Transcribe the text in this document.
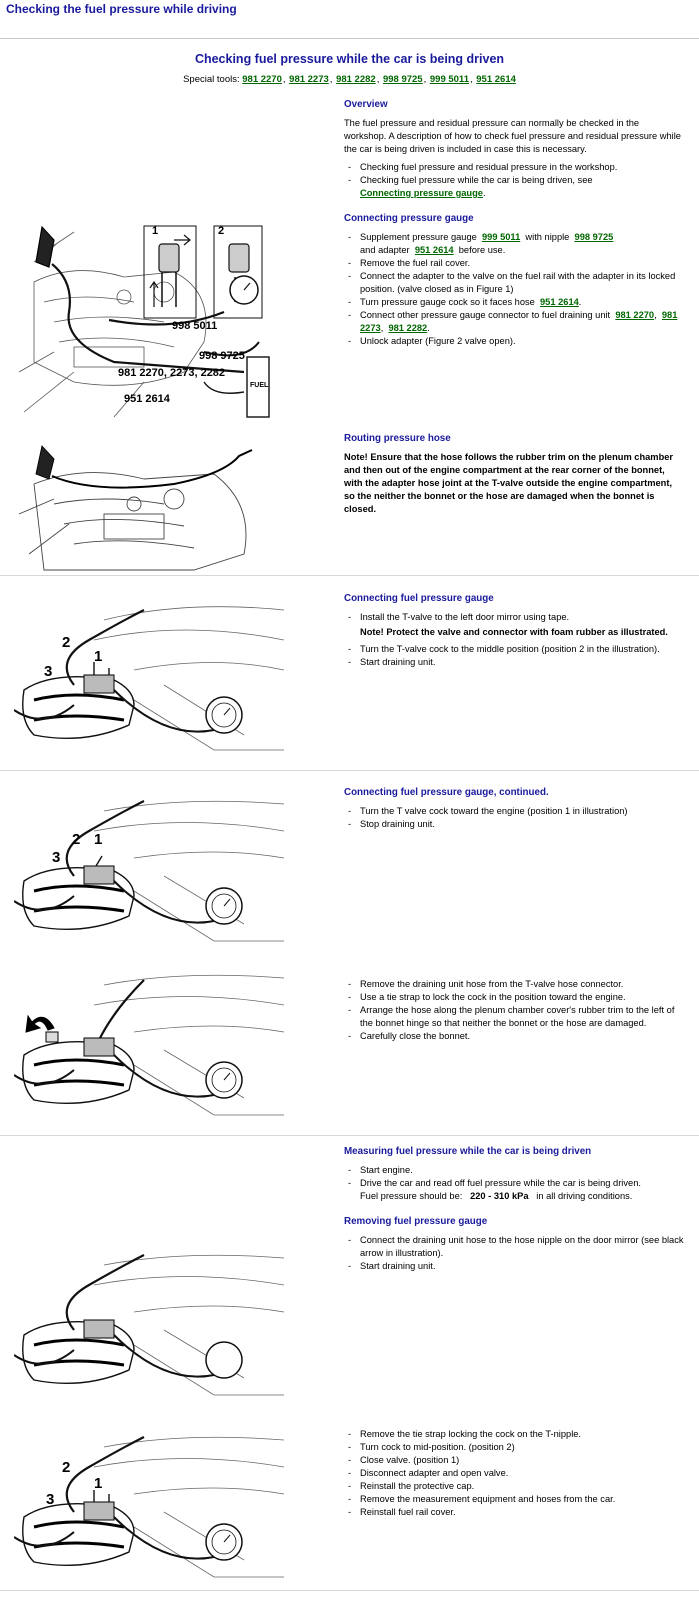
Checking the fuel pressure while driving
Checking fuel pressure while the car is being driven
Special tools: 981 2270, 981 2273, 981 2282, 998 9725, 999 5011, 951 2614
Overview

The fuel pressure and residual pressure can normally be checked in the workshop. A description of how to check fuel pressure and residual pressure while the car is being driven is included in case this is necessary.

- Checking fuel pressure and residual pressure in the workshop.
- Checking fuel pressure while the car is being driven, see
Connecting pressure gauge.
Connecting pressure gauge
- Supplement pressure gauge 999 5011 with nipple 998 9725
and adapter 951 2614 before use.
- Remove the fuel rail cover.
- Connect the adapter to the valve on the fuel rail with the adapter in its locked position. (valve closed as in Figure 1)
- Turn pressure gauge cock so it faces hose 951 2614.
- Connect other pressure gauge connector to fuel draining unit 981 2270,  981 2273,  981 2282.
- Unlock adapter (Figure 2 valve open).
1	2
998 5011
998 9725
981 2270, 2273, 2282
951 2614
FUEL
Routing pressure hose

Note! Ensure that the hose follows the rubber trim on the plenum chamber and then out of the engine compartment at the rear corner of the bonnet, with the adapter hose joint at the T-valve outside the engine compartment, so the neither the bonnet or the hose are damaged when the bonnet is closed.

Connecting fuel pressure gauge
- Install the T-valve to the left door mirror using tape.

Note! Protect the valve and connector with foam rubber as illustrated.

- Turn the T-valve cock to the middle position (position 2 in the illustration).
- Start draining unit.
2
1
3
Connecting fuel pressure gauge, continued.
- Turn the T valve cock toward the engine (position 1 in illustration)
- Stop draining unit.
2 1
3
- Remove the draining unit hose from the T-valve hose connector.
- Use a tie strap to lock the cock in the position toward the engine.
- Arrange the hose along the plenum chamber cover's rubber trim to the left of the bonnet hinge so that neither the bonnet or the hose are damaged.
- Carefully close the bonnet.
Measuring fuel pressure while the car is being driven
- Start engine.
- Drive the car and read off fuel pressure while the car is being driven.
Fuel pressure should be: 220 - 310 kPa in all driving conditions.
Removing fuel pressure gauge
- Connect the draining unit hose to the hose nipple on the door mirror (see black arrow in illustration).
- Start draining unit.
- Remove the tie strap locking the cock on the T-nipple.
- Turn cock to mid-position. (position 2)
- Close valve. (position 1)
- Disconnect adapter and open valve.
- Reinstall the protective cap.
- Remove the measurement equipment and hoses from the car.
- Reinstall fuel rail cover.
2
1
3
